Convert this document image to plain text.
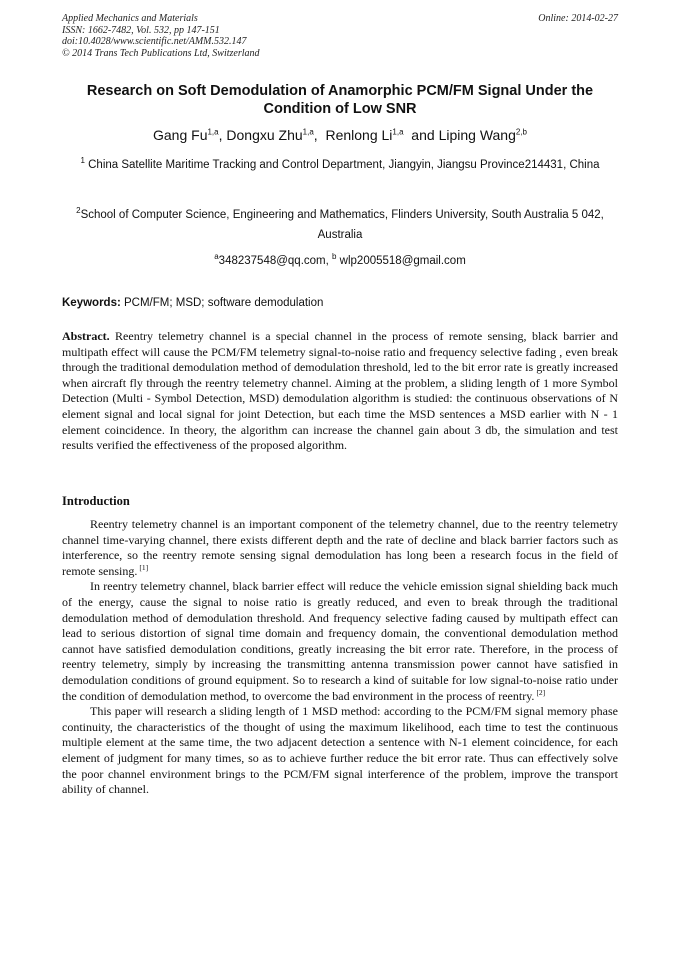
Applied Mechanics and Materials
ISSN: 1662-7482, Vol. 532, pp 147-151
doi:10.4028/www.scientific.net/AMM.532.147
© 2014 Trans Tech Publications Ltd, Switzerland
Online: 2014-02-27
Research on Soft Demodulation of Anamorphic PCM/FM Signal Under the Condition of Low SNR
Gang Fu$^{1,a}$, Dongxu Zhu$^{1,a}$,  Renlong Li$^{1,a}$  and Liping Wang$^{2,b}$
$^1$ China Satellite Maritime Tracking and Control Department, Jiangyin, Jiangsu Province214431, China
$^2$School of Computer Science, Engineering and Mathematics, Flinders University, South Australia 5 042, Australia
$^a$348237548@qq.com, $^b$ wlp2005518@gmail.com
Keywords: PCM/FM; MSD; software demodulation
Abstract. Reentry telemetry channel is a special channel in the process of remote sensing, black barrier and multipath effect will cause the PCM/FM telemetry signal-to-noise ratio and frequency selective fading , even break through the traditional demodulation method of demodulation threshold, led to the bit error rate is greatly increased when aircraft fly through the reentry telemetry channel. Aiming at the problem, a sliding length of 1 more Symbol Detection (Multi - Symbol Detection, MSD) demodulation algorithm is studied: the continuous observations of N element signal and local signal for joint Detection, but each time the MSD sentences a MSD earlier with N - 1 element coincidence. In theory, the algorithm can increase the channel gain about 3 db, the simulation and test results verified the effectiveness of the proposed algorithm.
Introduction

Reentry telemetry channel is an important component of the telemetry channel, due to the reentry telemetry channel time-varying channel, there exists different depth and the rate of decline and black barrier factors such as interference, so the reentry remote sensing signal demodulation has long been a research focus in the field of remote sensing. [1]

In reentry telemetry channel, black barrier effect will reduce the vehicle emission signal shielding back much of the energy, cause the signal to noise ratio is greatly reduced, and even to break through the traditional demodulation method of demodulation threshold. And frequency selective fading caused by multipath effect can lead to serious distortion of signal time domain and frequency domain, the conventional demodulation method cannot have satisfied demodulation conditions, greatly increasing the bit error rate. Therefore, in the process of reentry telemetry, simply by increasing the transmitting antenna transmission power cannot have satisfied in demodulation conditions of ground equipment. So to research a kind of suitable for low signal-to-noise ratio under the condition of demodulation method, to overcome the bad environment in the process of reentry. [2]

This paper will research a sliding length of 1 MSD method: according to the PCM/FM signal memory phase continuity, the characteristics of the thought of using the maximum likelihood, each time to test the continuous multiple element at the same time, the two adjacent detection a sentence with N-1 element coincidence, for each element of judgment for many times, so as to achieve further reduce the bit error rate. Thus can effectively solve the poor channel environment brings to the PCM/FM signal interference of the problem, improve the transport ability of channel.
